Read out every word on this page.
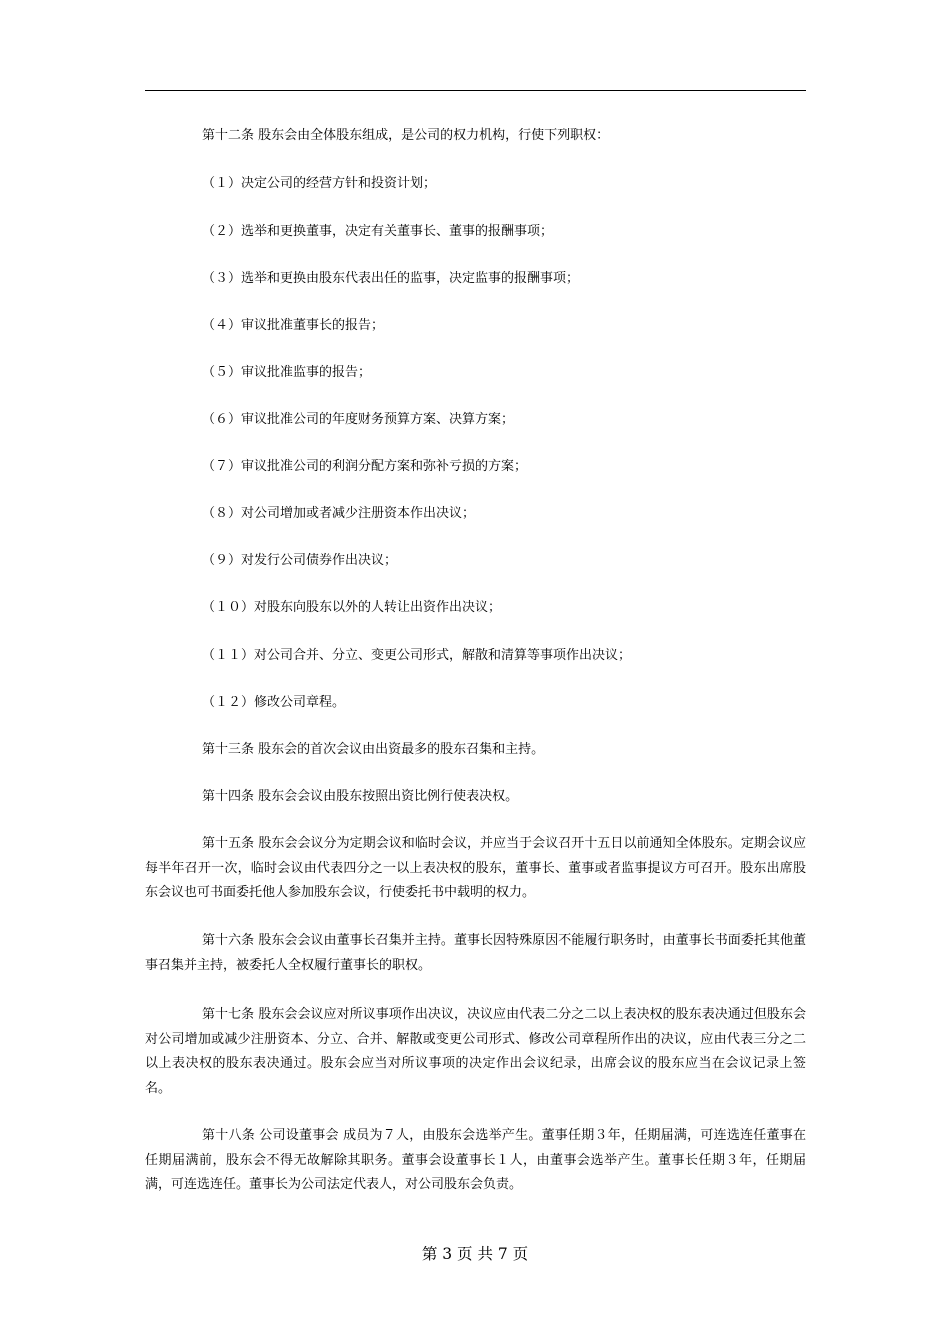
第十二条 股东会由全体股东组成，是公司的权力机构，行使下列职权：
（１）决定公司的经营方针和投资计划；
（２）选举和更换董事，决定有关董事长、董事的报酬事项；
（３）选举和更换由股东代表出任的监事，决定监事的报酬事项；
（４）审议批准董事长的报告；
（５）审议批准监事的报告；
（６）审议批准公司的年度财务预算方案、决算方案；
（７）审议批准公司的利润分配方案和弥补亏损的方案；
（８）对公司增加或者减少注册资本作出决议；
（９）对发行公司债券作出决议；
（１０）对股东向股东以外的人转让出资作出决议；
（１１）对公司合并、分立、变更公司形式，解散和清算等事项作出决议；
（１２）修改公司章程。
第十三条 股东会的首次会议由出资最多的股东召集和主持。
第十四条 股东会会议由股东按照出资比例行使表决权。
第十五条 股东会会议分为定期会议和临时会议，并应当于会议召开十五日以前通知全体股东。定期会议应每半年召开一次，临时会议由代表四分之一以上表决权的股东，董事长、董事或者监事提议方可召开。股东出席股东会议也可书面委托他人参加股东会议，行使委托书中载明的权力。
第十六条 股东会会议由董事长召集并主持。董事长因特殊原因不能履行职务时，由董事长书面委托其他董事召集并主持，被委托人全权履行董事长的职权。
第十七条 股东会会议应对所议事项作出决议，决议应由代表二分之二以上表决权的股东表决通过但股东会对公司增加或减少注册资本、分立、合并、解散或变更公司形式、修改公司章程所作出的决议，应由代表三分之二以上表决权的股东表决通过。股东会应当对所议事项的决定作出会议纪录，出席会议的股东应当在会议记录上签名。
第十八条 公司设董事会 成员为７人，由股东会选举产生。董事任期３年，任期届满，可连选连任董事在任期届满前，股东会不得无故解除其职务。董事会设董事长１人，由董事会选举产生。董事长任期３年，任期届满，可连选连任。董事长为公司法定代表人，对公司股东会负责。
第 3 页 共 7 页
